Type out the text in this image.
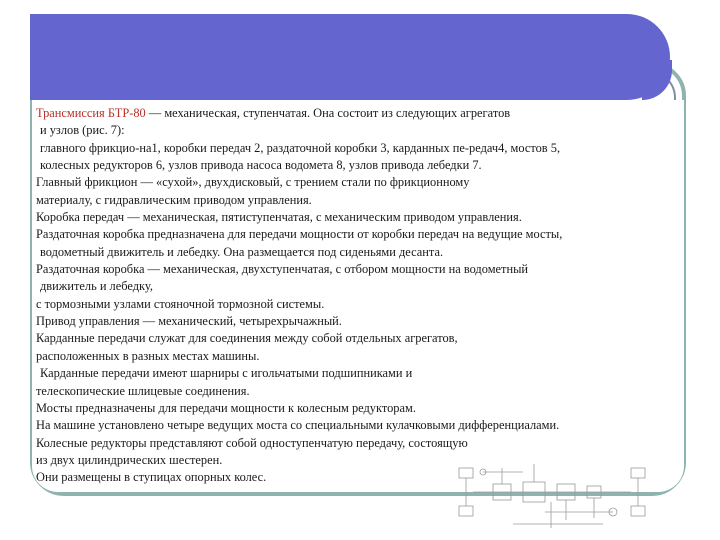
Трансмиссия БТР-80 — механическая, ступенчатая. Она состоит из следующих агрегатов
и узлов (рис. 7):
главного фрикцио-на1, коробки передач 2, раздаточной коробки 3, карданных пе-редач4, мостов 5,
колесных редукторов 6, узлов привода насоса водомета 8, узлов привода лебедки 7.
Главный фрикцион — «сухой», двухдисковый, с трением стали по фрикционному
материалу, с гидравлическим приводом управления.
Коробка передач — механическая, пятиступенчатая, с механическим приводом управления.
Раздаточная коробка предназначена для передачи мощности от коробки передач на ведущие мосты,
водометный движитель и лебедку. Она размещается под сиденьями десанта.
Раздаточная коробка — механическая, двухступенчатая, с отбором мощности на водометный
движитель и лебедку,
с тормозными узлами стояночной тормозной системы.
Привод управления — механический, четырехрычажный.
Карданные передачи служат для соединения между собой отдельных агрегатов,
расположенных в разных местах машины.
Карданные передачи имеют шарниры с игольчатыми подшипниками и
телескопические шлицевые соединения.
Мосты предназначены для передачи мощности к колесным редукторам.
На машине установлено четыре ведущих моста со специальными кулачковыми дифференциалами.
Колесные редукторы представляют собой одноступенчатую передачу, состоящую
из двух цилиндрических шестерен.
Они размещены в ступицах опорных колес.
